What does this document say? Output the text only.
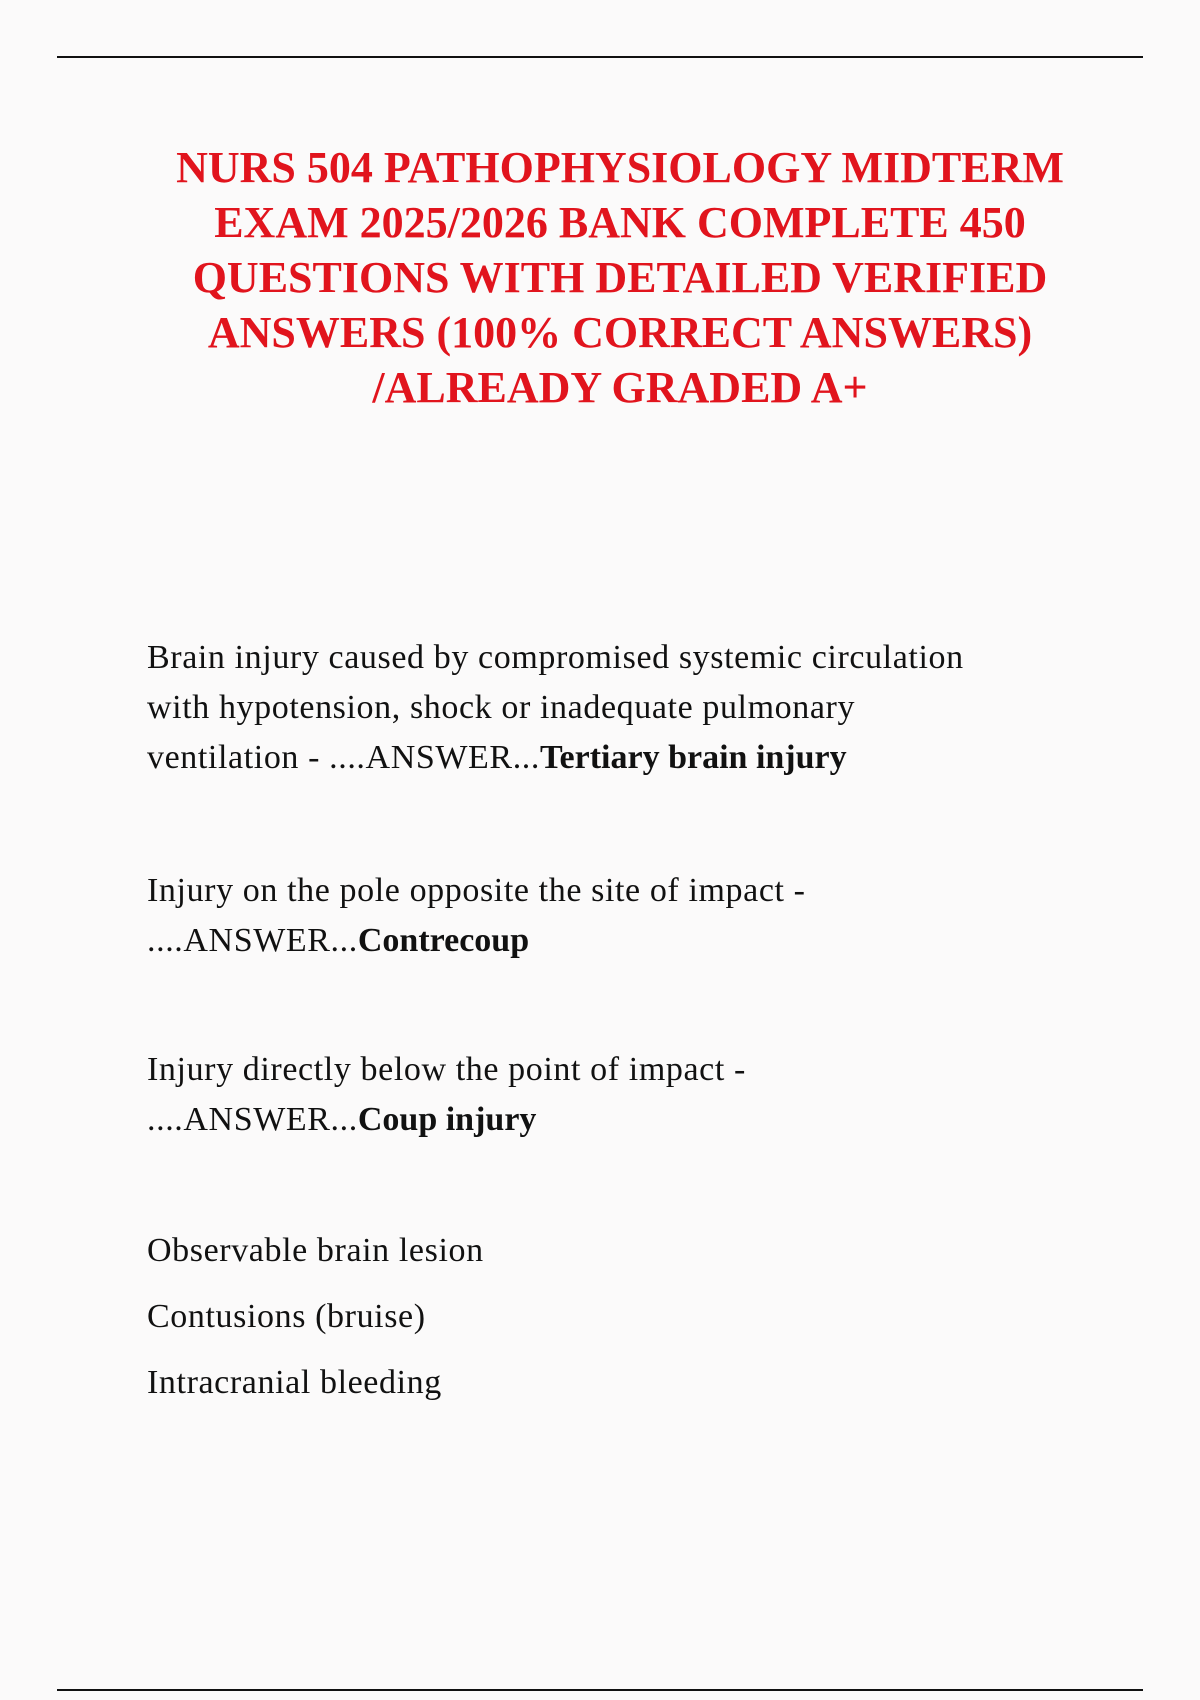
NURS 504 PATHOPHYSIOLOGY MIDTERM
EXAM 2025/2026 BANK COMPLETE 450
QUESTIONS WITH DETAILED VERIFIED
ANSWERS (100% CORRECT ANSWERS)
/ALREADY GRADED A+

Brain injury caused by compromised systemic circulation
with hypotension, shock or inadequate pulmonary
ventilation - ....ANSWER...Tertiary brain injury

Injury on the pole opposite the site of impact -
....ANSWER...Contrecoup

Injury directly below the point of impact -
....ANSWER...Coup injury

Observable brain lesion
Contusions (bruise)
Intracranial bleeding
